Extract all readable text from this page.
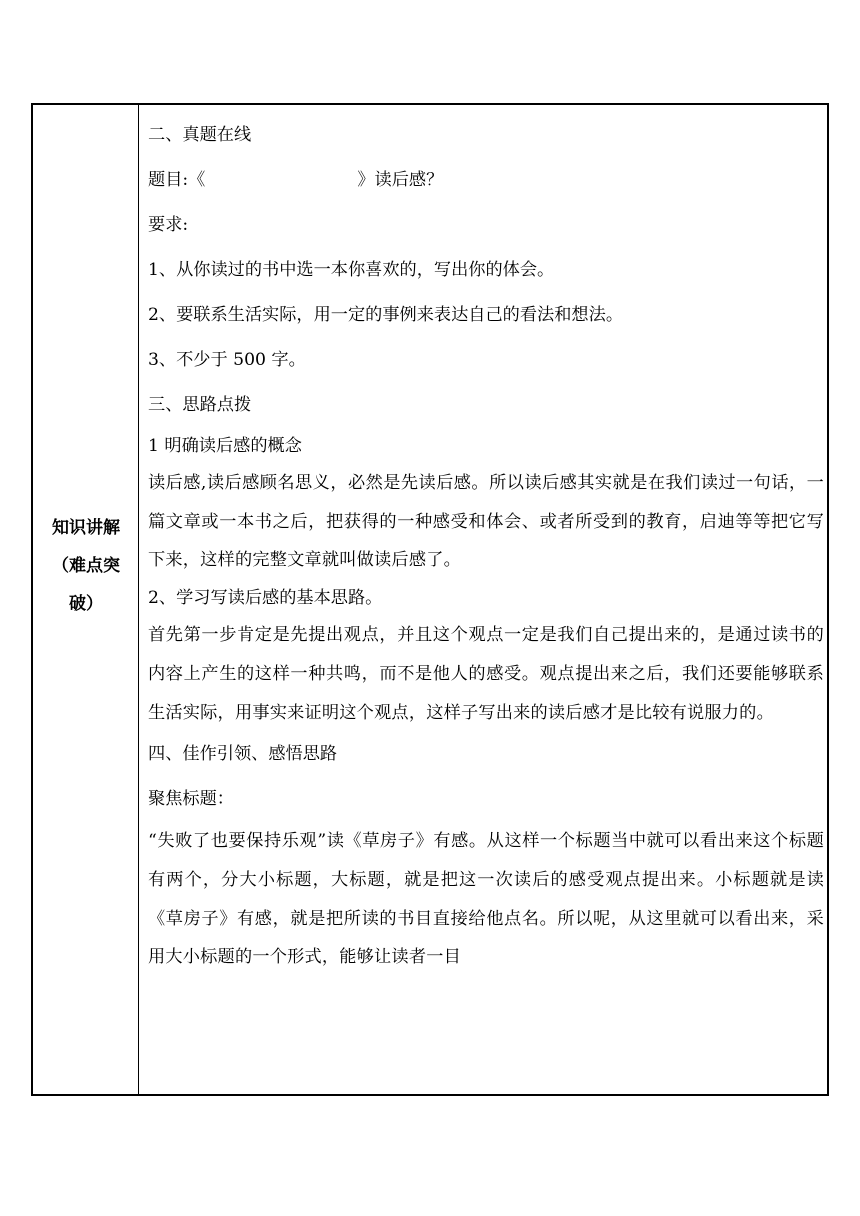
知识讲解
（难点突
破）
二、真题在线
题目:《	》读后感？
要求:
1、从你读过的书中选一本你喜欢的，写出你的体会。
2、要联系生活实际，用一定的事例来表达自己的看法和想法。
3、不少于 500 字。
三、思路点拨
1 明确读后感的概念
读后感,读后感顾名思义，必然是先读后感。所以读后感其实就是在我们读过一句话，一篇文章或一本书之后，把获得的一种感受和体会、或者所受到的教育，启迪等等把它写下来，这样的完整文章就叫做读后感了。
2、学习写读后感的基本思路。
首先第一步肯定是先提出观点，并且这个观点一定是我们自己提出来的，是通过读书的内容上产生的这样一种共鸣，而不是他人的感受。观点提出来之后，我们还要能够联系生活实际，用事实来证明这个观点，这样子写出来的读后感才是比较有说服力的。
四、佳作引领、感悟思路
聚焦标题：
“失败了也要保持乐观”读《草房子》有感。从这样一个标题当中就可以看出来这个标题有两个，分大小标题，大标题，就是把这一次读后的感受观点提出来。小标题就是读《草房子》有感，就是把所读的书目直接给他点名。所以呢，从这里就可以看出来，采用大小标题的一个形式，能够让读者一目
